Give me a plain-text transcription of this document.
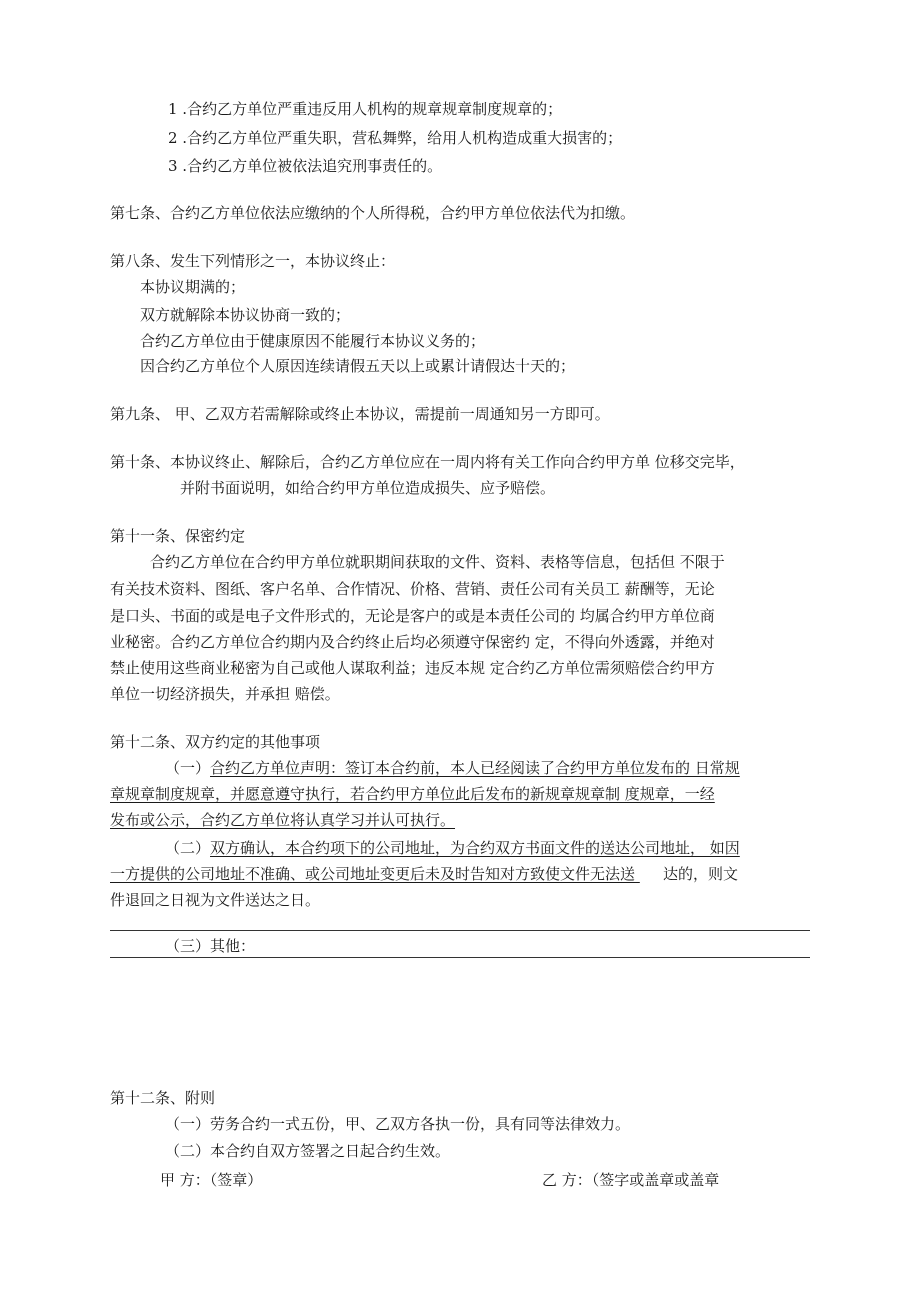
1 .合约乙方单位严重违反用人机构的规章规章制度规章的；
2 .合约乙方单位严重失职，营私舞弊，给用人机构造成重大损害的；
3 .合约乙方单位被依法追究刑事责任的。
第七条、合约乙方单位依法应缴纳的个人所得税，合约甲方单位依法代为扣缴。
第八条、发生下列情形之一，本协议终止：
本协议期满的；
双方就解除本协议协商一致的；
合约乙方单位由于健康原因不能履行本协议义务的；
因合约乙方单位个人原因连续请假五天以上或累计请假达十天的；
第九条、 甲、乙双方若需解除或终止本协议，需提前一周通知另一方即可。
第十条、本协议终止、解除后，合约乙方单位应在一周内将有关工作向合约甲方单 位移交完毕，
并附书面说明，如给合约甲方单位造成损失、应予赔偿。
第十一条、保密约定
合约乙方单位在合约甲方单位就职期间获取的文件、资料、表格等信息，包括但 不限于
有关技术资料、图纸、客户名单、合作情况、价格、营销、责任公司有关员工 薪酬等，无论
是口头、书面的或是电子文件形式的，无论是客户的或是本责任公司的 均属合约甲方单位商
业秘密。合约乙方单位合约期内及合约终止后均必须遵守保密约 定，不得向外透露，并绝对
禁止使用这些商业秘密为自己或他人谋取利益；违反本规 定合约乙方单位需须赔偿合约甲方
单位一切经济损失，并承担 赔偿。
第十二条、双方约定的其他事项
（一）合约乙方单位声明：签订本合约前，本人已经阅读了合约甲方单位发布的 日常规
章规章制度规章，并愿意遵守执行，若合约甲方单位此后发布的新规章规章制 度规章，一经
发布或公示，合约乙方单位将认真学习并认可执行。
（二）双方确认，本合约项下的公司地址，为合约双方书面文件的送达公司地址， 如因
一方提供的公司地址不准确、或公司地址变更后未及时告知对方致使文件无法送 达的，则文
件退回之日视为文件送达之日。
（三）其他：
第十二条、附则
（一）劳务合约一式五份，甲、乙双方各执一份，具有同等法律效力。
（二）本合约自双方签署之日起合约生效。
甲 方：（签章）	乙 方：（签字或盖章或盖章
